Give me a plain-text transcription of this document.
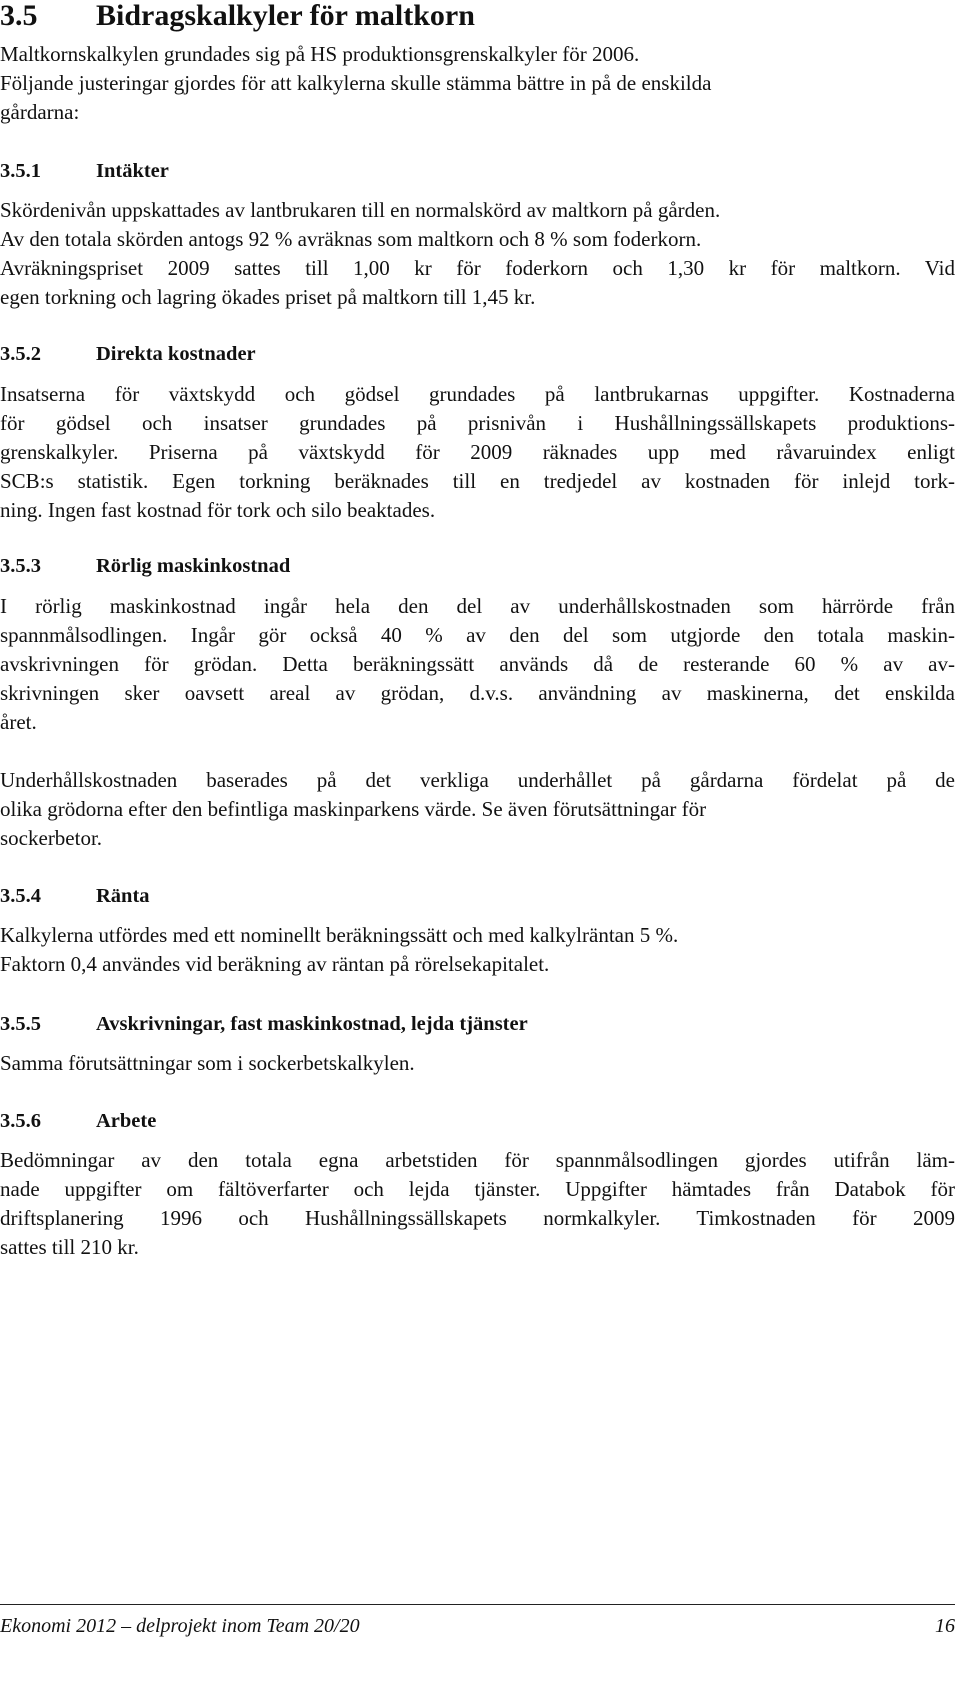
3.5 Bidragskalkyler för maltkorn

Maltkornskalkylen grundades sig på HS produktionsgrenskalkyler för 2006.
Följande justeringar gjordes för att kalkylerna skulle stämma bättre in på de enskilda
gårdarna:

3.5.1	Intäkter

Skördenivån uppskattades av lantbrukaren till en normalskörd av maltkorn på gården.
Av den totala skörden antogs 92 % avräknas som maltkorn och 8 % som foderkorn.
Avräkningspriset 2009 sattes till 1,00 kr för foderkorn och 1,30 kr för maltkorn. Vid
egen torkning och lagring ökades priset på maltkorn till 1,45 kr.

3.5.2	Direkta kostnader

Insatserna för växtskydd och gödsel grundades på lantbrukarnas uppgifter. Kostnaderna
för gödsel och insatser grundades på prisnivån i Hushållningssällskapets produktions-
grenskalkyler. Priserna på växtskydd för 2009 räknades upp med råvaruindex enligt
SCB:s statistik. Egen torkning beräknades till en tredjedel av kostnaden för inlejd tork-
ning. Ingen fast kostnad för tork och silo beaktades.

3.5.3	Rörlig maskinkostnad

I rörlig maskinkostnad ingår hela den del av underhållskostnaden som härrörde från
spannmålsodlingen. Ingår gör också 40 % av den del som utgjorde den totala maskin-
avskrivningen för grödan. Detta beräkningssätt används då de resterande 60 % av av-
skrivningen sker oavsett areal av grödan, d.v.s. användning av maskinerna, det enskilda
året.

Underhållskostnaden baserades på det verkliga underhållet på gårdarna fördelat på de
olika grödorna efter den befintliga maskinparkens värde. Se även förutsättningar för
sockerbetor.

3.5.4	Ränta

Kalkylerna utfördes med ett nominellt beräkningssätt och med kalkylräntan 5 %.
Faktorn 0,4 användes vid beräkning av räntan på rörelsekapitalet.

3.5.5	Avskrivningar, fast maskinkostnad, lejda tjänster

Samma förutsättningar som i sockerbetskalkylen.

3.5.6	Arbete

Bedömningar av den totala egna arbetstiden för spannmålsodlingen gjordes utifrån läm-
nade uppgifter om fältöverfarter och lejda tjänster. Uppgifter hämtades från Databok för
driftsplanering 1996 och Hushållningssällskapets normkalkyler. Timkostnaden för 2009
sattes till 210 kr.

Ekonomi 2012 – delprojekt inom Team 20/20	16
